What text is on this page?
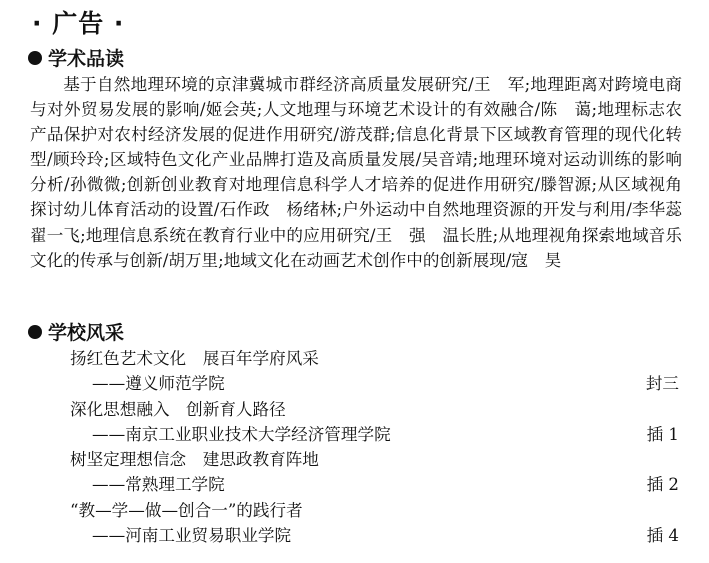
· 广告 ·
学术品读

基于自然地理环境的京津冀城市群经济高质量发展研究/王　军;地理距离对跨境电商与对外贸易发展的影响/姬会英;人文地理与环境艺术设计的有效融合/陈　蔼;地理标志农产品保护对农村经济发展的促进作用研究/游茂群;信息化背景下区域教育管理的现代化转型/顾玲玲;区域特色文化产业品牌打造及高质量发展/吴音靖;地理环境对运动训练的影响分析/孙微微;创新创业教育对地理信息科学人才培养的促进作用研究/滕智源;从区域视角探讨幼儿体育活动的设置/石作政　杨绪林;户外运动中自然地理资源的开发与利用/李华蕊　翟一飞;地理信息系统在教育行业中的应用研究/王　强　温长胜;从地理视角探索地域音乐文化的传承与创新/胡万里;地域文化在动画艺术创作中的创新展现/寇　昊

学校风采
扬红色艺术文化　展百年学府风采
——遵义师范学院	封三
深化思想融入　创新育人路径
——南京工业职业技术大学经济管理学院	插 1
树坚定理想信念　建思政教育阵地
——常熟理工学院	插 2
“教—学—做—创合一”的践行者
——河南工业贸易职业学院	插 4
